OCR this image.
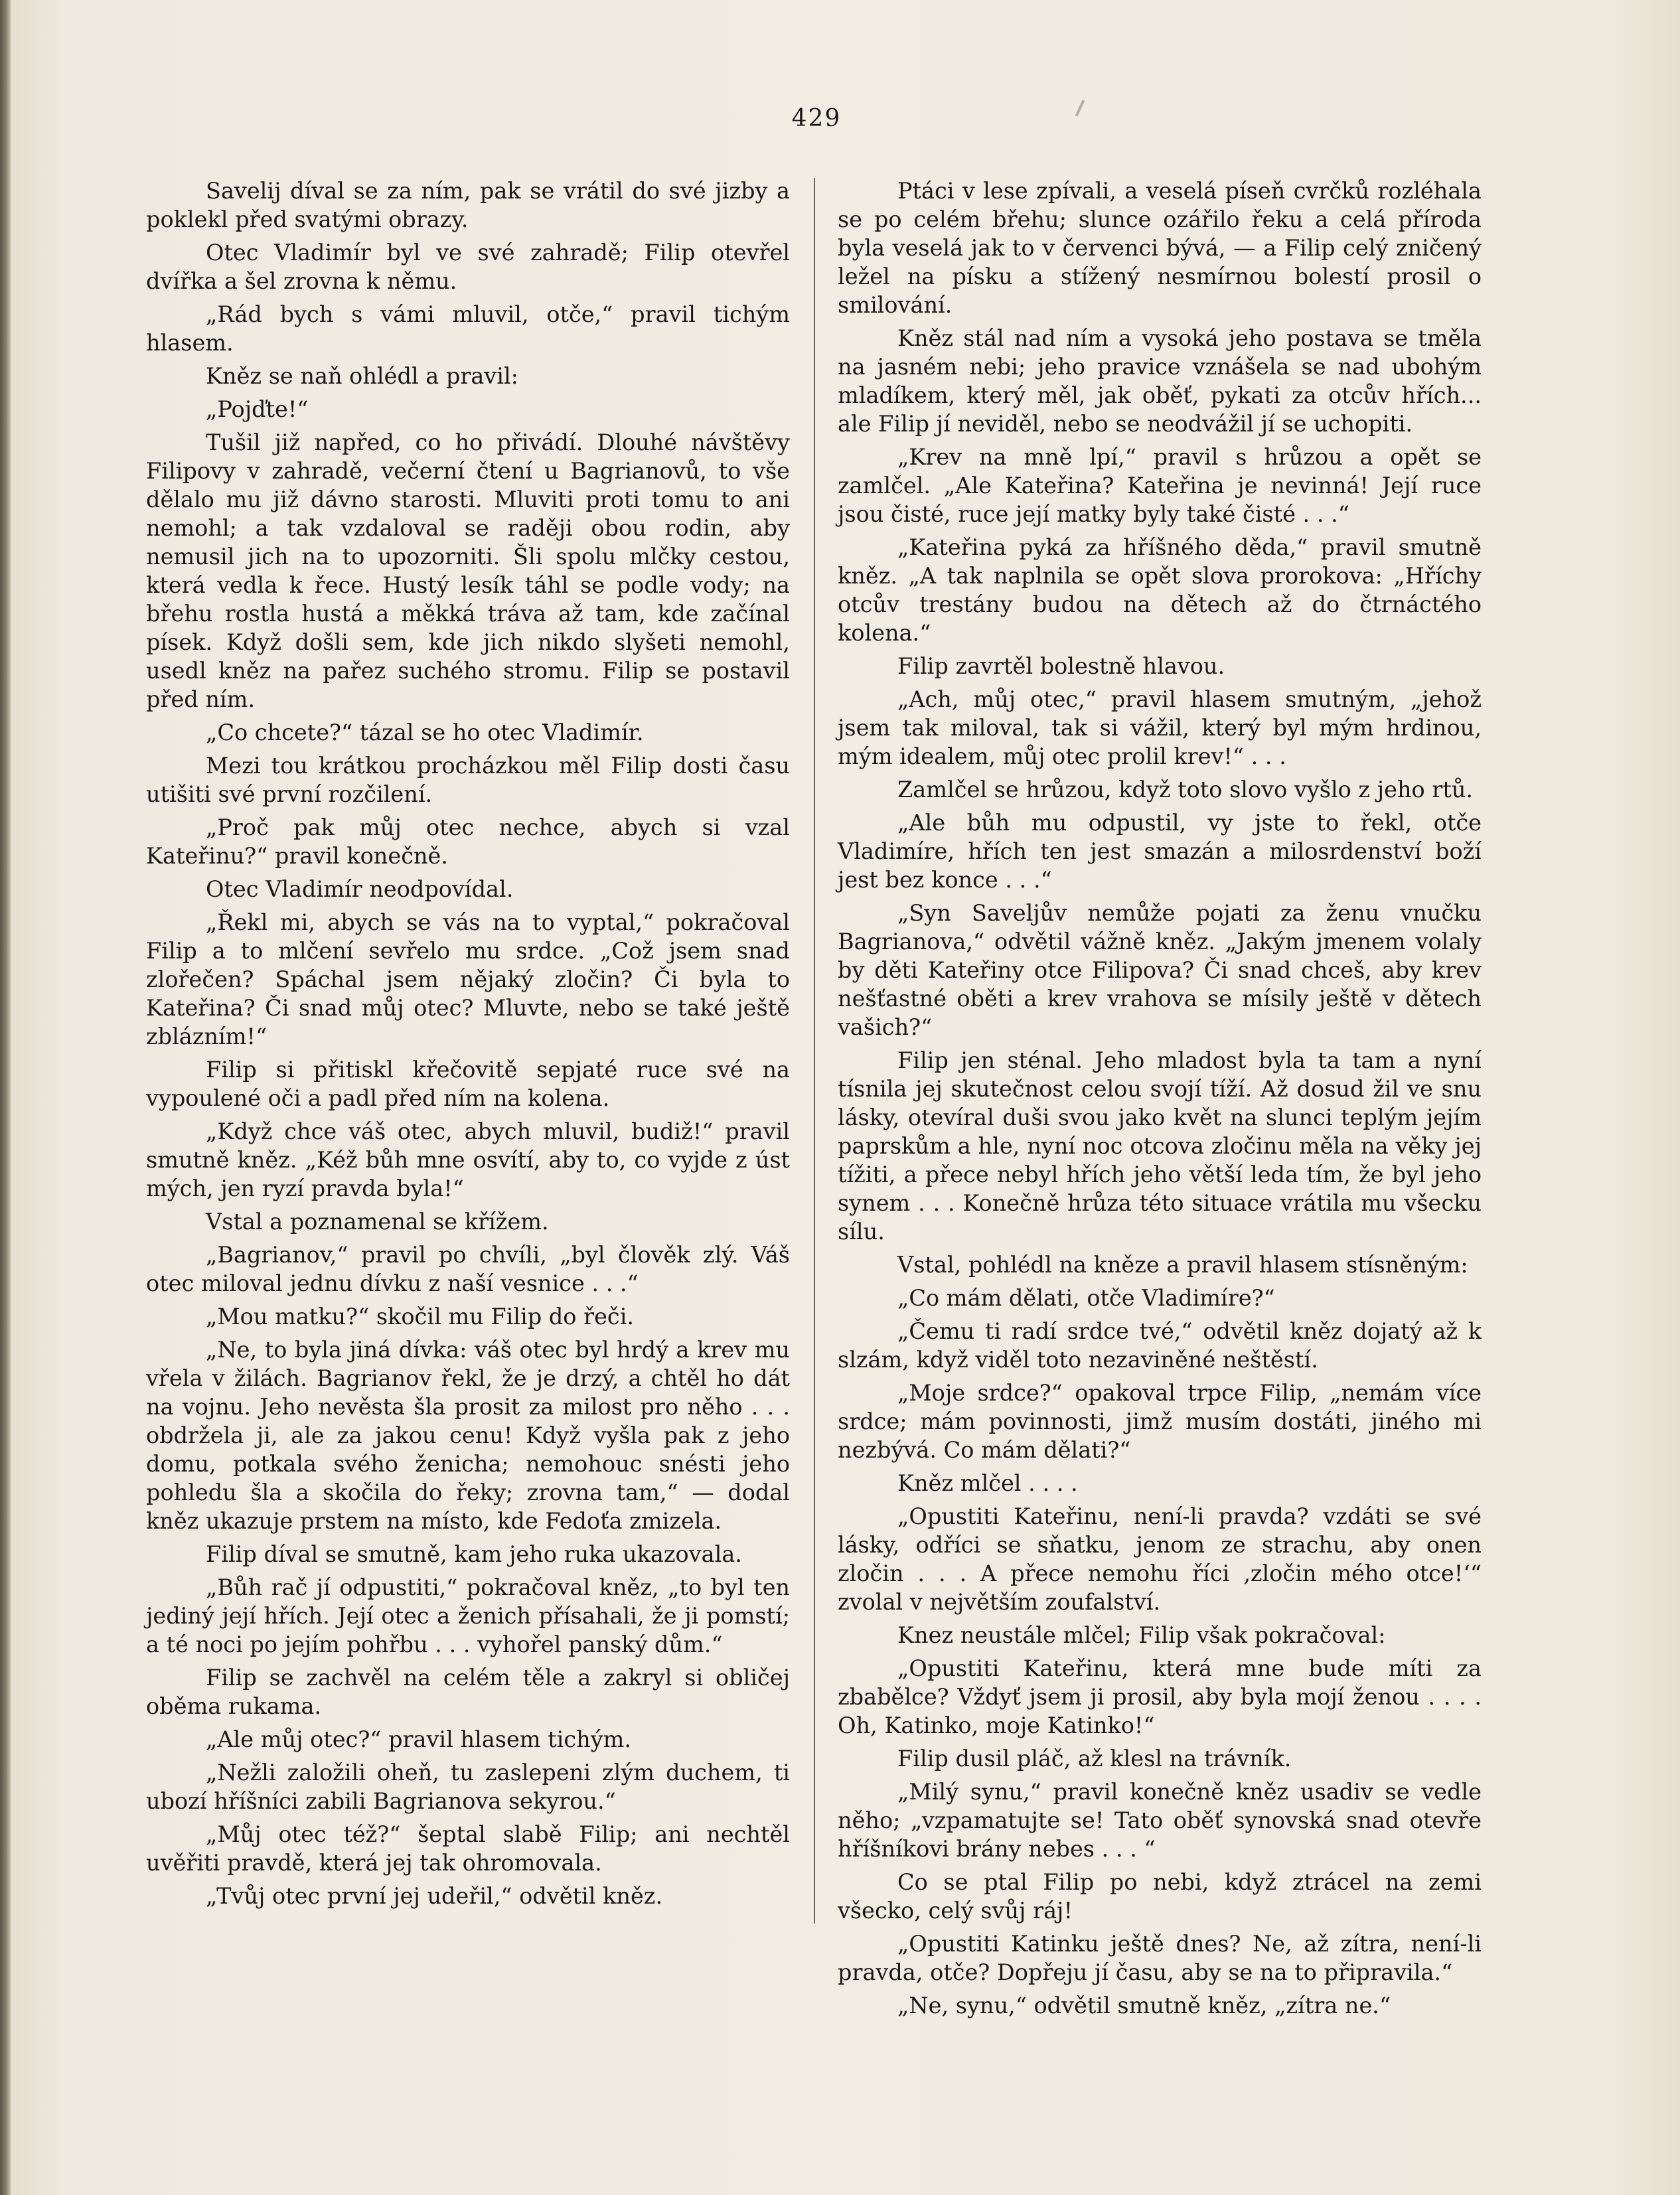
429

Savelij díval se za ním, pak se vrátil do své jizby a poklekl před svatými obrazy.

Otec Vladimír byl ve své zahradě; Filip otevřel dvířka a šel zrovna k němu.

„Rád bych s vámi mluvil, otče,“ pravil tichým hlasem.

Kněz se naň ohlédl a pravil:

„Pojďte!“

Tušil již napřed, co ho přivádí. Dlouhé návštěvy Filipovy v zahradě, večerní čtení u Bagrianovů, to vše dělalo mu již dávno starosti. Mluviti proti tomu to ani nemohl; a tak vzdaloval se raději obou rodin, aby nemusil jich na to upozorniti. Šli spolu mlčky cestou, která vedla k řece. Hustý lesík táhl se podle vody; na břehu rostla hustá a měkká tráva až tam, kde začínal písek. Když došli sem, kde jich nikdo slyšeti nemohl, usedl kněz na pařez suchého stromu. Filip se postavil před ním.

„Co chcete?“ tázal se ho otec Vladimír.

Mezi tou krátkou procházkou měl Filip dosti času utišiti své první rozčilení.

„Proč pak můj otec nechce, abych si vzal Kateřinu?“ pravil konečně.

Otec Vladimír neodpovídal.

„Řekl mi, abych se vás na to vyptal,“ pokračoval Filip a to mlčení sevřelo mu srdce. „Což jsem snad zlořečen? Spáchal jsem nějaký zločin? Či byla to Kateřina? Či snad můj otec? Mluvte, nebo se také ještě zblázním!“

Filip si přitiskl křečovitě sepjaté ruce své na vypoulené oči a padl před ním na kolena.

„Když chce váš otec, abych mluvil, budiž!“ pravil smutně kněz. „Kéž bůh mne osvítí, aby to, co vyjde z úst mých, jen ryzí pravda byla!“

Vstal a poznamenal se křížem.

„Bagrianov,“ pravil po chvíli, „byl člověk zlý. Váš otec miloval jednu dívku z naší vesnice . . .“

„Mou matku?“ skočil mu Filip do řeči.

„Ne, to byla jiná dívka: váš otec byl hrdý a krev mu vřela v žilách. Bagrianov řekl, že je drzý, a chtěl ho dát na vojnu. Jeho nevěsta šla prosit za milost pro něho . . . obdržela ji, ale za jakou cenu! Když vyšla pak z jeho domu, potkala svého ženicha; nemohouc snésti jeho pohledu šla a skočila do řeky; zrovna tam,“ — dodal kněz ukazuje prstem na místo, kde Fedoťa zmizela.

Filip díval se smutně, kam jeho ruka ukazovala.

„Bůh rač jí odpustiti,“ pokračoval kněz, „to byl ten jediný její hřích. Její otec a ženich přísahali, že ji pomstí; a té noci po jejím pohřbu . . . vyhořel panský dům.“

Filip se zachvěl na celém těle a zakryl si obličej oběma rukama.

„Ale můj otec?“ pravil hlasem tichým.

„Nežli založili oheň, tu zaslepeni zlým duchem, ti ubozí hříšníci zabili Bagrianova sekyrou.“

„Můj otec též?“ šeptal slabě Filip; ani nechtěl uvěřiti pravdě, která jej tak ohromovala.

„Tvůj otec první jej udeřil,“ odvětil kněz.

Ptáci v lese zpívali, a veselá píseň cvrčků rozléhala se po celém břehu; slunce ozářilo řeku a celá příroda byla veselá jak to v červenci bývá, — a Filip celý zničený ležel na písku a stížený nesmírnou bolestí prosil o smilování.

Kněz stál nad ním a vysoká jeho postava se tměla na jasném nebi; jeho pravice vznášela se nad ubohým mladíkem, který měl, jak oběť, pykati za otcův hřích... ale Filip jí neviděl, nebo se neodvážil jí se uchopiti.

„Krev na mně lpí,“ pravil s hrůzou a opět se zamlčel. „Ale Kateřina? Kateřina je nevinná! Její ruce jsou čisté, ruce její matky byly také čisté . . .“

„Kateřina pyká za hříšného děda,“ pravil smutně kněz. „A tak naplnila se opět slova prorokova: „Hříchy otcův trestány budou na dětech až do čtrnáctého kolena.“

Filip zavrtěl bolestně hlavou.

„Ach, můj otec,“ pravil hlasem smutným, „jehož jsem tak miloval, tak si vážil, který byl mým hrdinou, mým idealem, můj otec prolil krev!“ . . .

Zamlčel se hrůzou, když toto slovo vyšlo z jeho rtů.

„Ale bůh mu odpustil, vy jste to řekl, otče Vladimíre, hřích ten jest smazán a milosrdenství boží jest bez konce . . .“

„Syn Saveljův nemůže pojati za ženu vnučku Bagrianova,“ odvětil vážně kněz. „Jakým jmenem volaly by děti Kateřiny otce Filipova? Či snad chceš, aby krev nešťastné oběti a krev vrahova se mísily ještě v dětech vašich?“

Filip jen sténal. Jeho mladost byla ta tam a nyní tísnila jej skutečnost celou svojí tíží. Až dosud žil ve snu lásky, otevíral duši svou jako květ na slunci teplým jejím paprskům a hle, nyní noc otcova zločinu měla na věky jej tížiti, a přece nebyl hřích jeho větší leda tím, že byl jeho synem . . . Konečně hrůza této situace vrátila mu všecku sílu.

Vstal, pohlédl na kněze a pravil hlasem stísněným:

„Co mám dělati, otče Vladimíre?“

„Čemu ti radí srdce tvé,“ odvětil kněz dojatý až k slzám, když viděl toto nezaviněné neštěstí.

„Moje srdce?“ opakoval trpce Filip, „nemám více srdce; mám povinnosti, jimž musím dostáti, jiného mi nezbývá. Co mám dělati?“

Kněz mlčel . . . .

„Opustiti Kateřinu, není-li pravda? vzdáti se své lásky, odříci se sňatku, jenom ze strachu, aby onen zločin . . . A přece nemohu říci ‚zločin mého otce!‘“ zvolal v největším zoufalství.

Knez neustále mlčel; Filip však pokračoval:

„Opustiti Kateřinu, která mne bude míti za zbabělce? Vždyť jsem ji prosil, aby byla mojí ženou . . . . Oh, Katinko, moje Katinko!“

Filip dusil pláč, až klesl na trávník.

„Milý synu,“ pravil konečně kněz usadiv se vedle něho; „vzpamatujte se! Tato oběť synovská snad otevře hříšníkovi brány nebes . . . “

Co se ptal Filip po nebi, když ztrácel na zemi všecko, celý svůj ráj!

„Opustiti Katinku ještě dnes? Ne, až zítra, není-li pravda, otče? Dopřeju jí času, aby se na to připravila.“

„Ne, synu,“ odvětil smutně kněz, „zítra ne.“
